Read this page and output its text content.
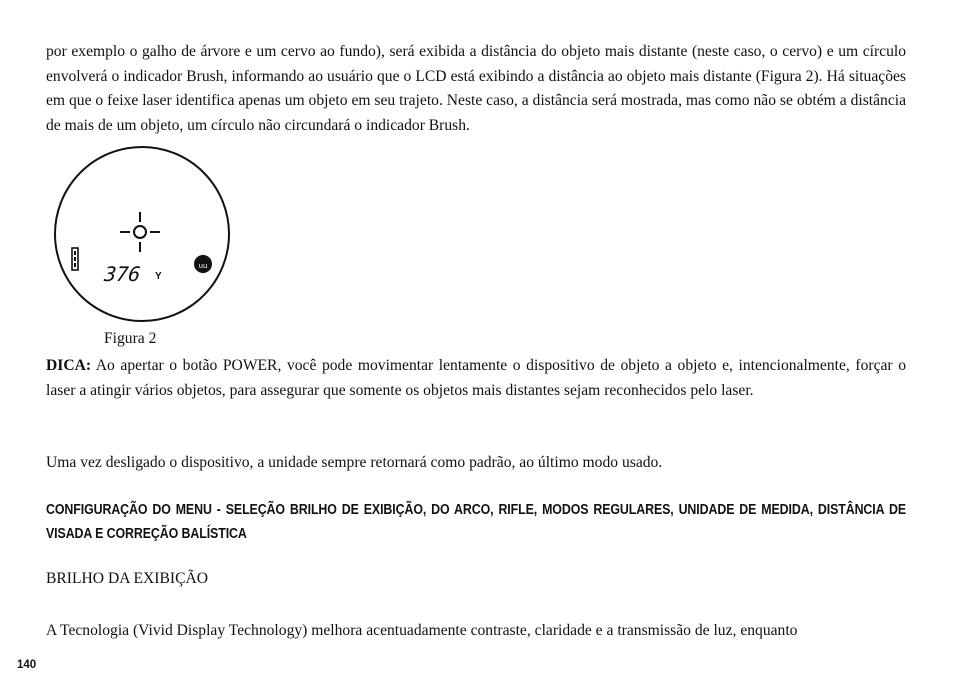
por exemplo o galho de árvore e um cervo ao fundo), será exibida a distância do objeto mais distante (neste caso, o cervo) e um círculo envolverá o indicador Brush, informando ao usuário que o LCD está exibindo a distância ao objeto mais distante (Figura 2). Há situações em que o feixe laser identifica apenas um objeto em seu trajeto. Neste caso, a distância será mostrada, mas como não se obtém a distância de mais de um objeto, um círculo não circundará o indicador Brush.

376 Y
uu
Figura 2

DICA: Ao apertar o botão POWER, você pode movimentar lentamente o dispositivo de objeto a objeto e, intencionalmente, forçar o laser a atingir vários objetos, para assegurar que somente os objetos mais distantes sejam reconhecidos pelo laser.

Uma vez desligado o dispositivo, a unidade sempre retornará como padrão, ao último modo usado.

CONFIGURAÇÃO DO MENU - SELEÇÃO BRILHO DE EXIBIÇÃO, DO ARCO, RIFLE, MODOS REGULARES, UNIDADE DE MEDIDA, DISTÂNCIA DE VISADA E CORREÇÃO BALÍSTICA

BRILHO DA EXIBIÇÃO

A Tecnologia (Vivid Display Technology) melhora acentuadamente contraste, claridade e a transmissão de luz, enquanto

140
